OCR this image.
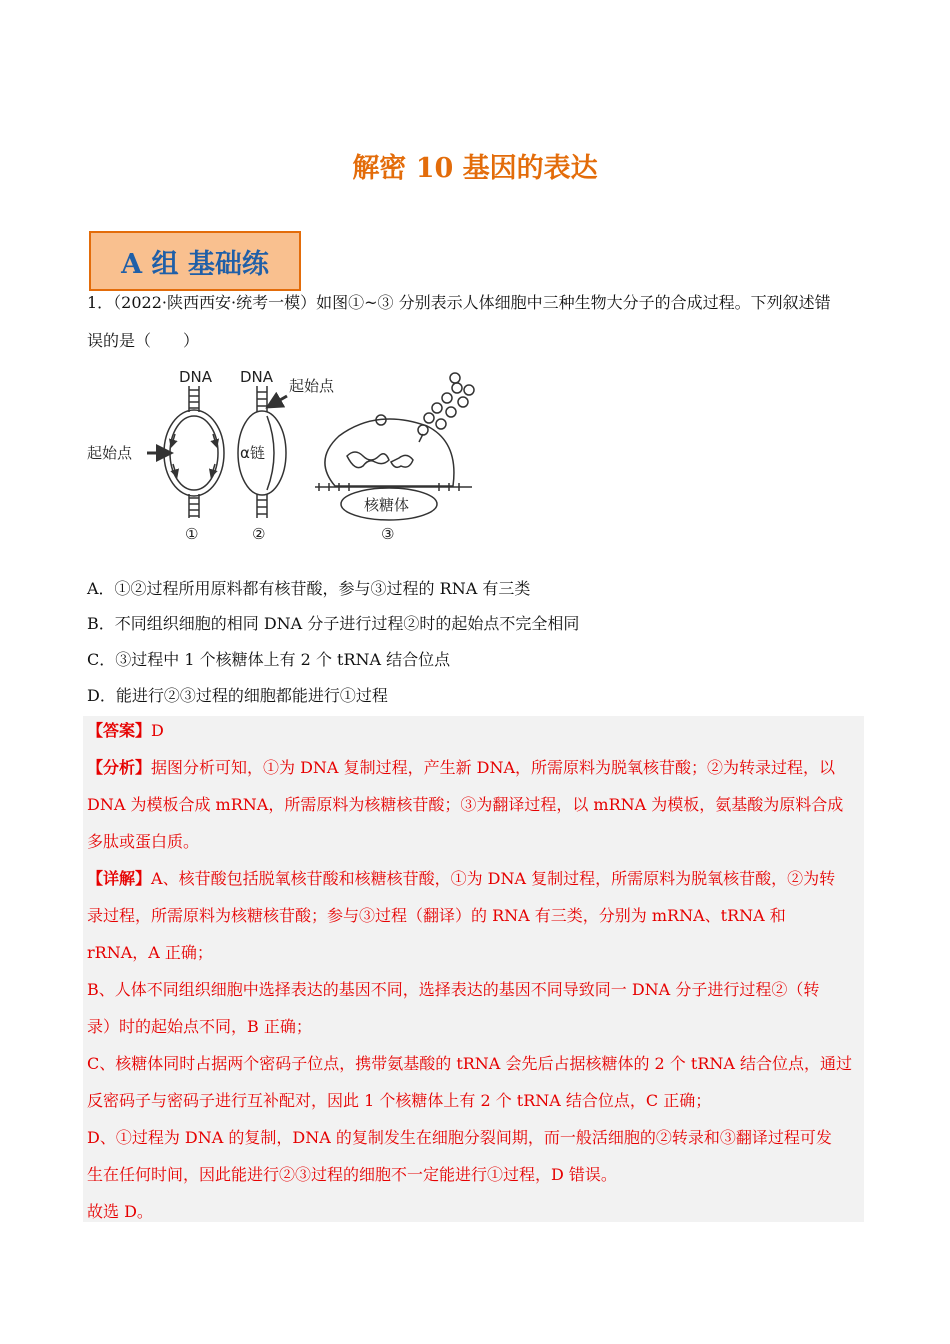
解密 10 基因的表达
A 组 基础练
1．（2022·陕西西安·统考一模）如图①~③ 分别表示人体细胞中三种生物大分子的合成过程。下列叙述错
误的是（　　）
DNA DNA
起始点
起始点
α链
核糖体
①	②	③
A．①②过程所用原料都有核苷酸，参与③过程的 RNA 有三类
B．不同组织细胞的相同 DNA 分子进行过程②时的起始点不完全相同
C．③过程中 1 个核糖体上有 2 个 tRNA 结合位点
D．能进行②③过程的细胞都能进行①过程
【答案】D
【分析】据图分析可知，①为 DNA 复制过程，产生新 DNA，所需原料为脱氧核苷酸；②为转录过程，以
DNA 为模板合成 mRNA，所需原料为核糖核苷酸；③为翻译过程，以 mRNA 为模板，氨基酸为原料合成
多肽或蛋白质。
【详解】A、核苷酸包括脱氧核苷酸和核糖核苷酸，①为 DNA 复制过程，所需原料为脱氧核苷酸，②为转
录过程，所需原料为核糖核苷酸；参与③过程（翻译）的 RNA 有三类，分别为 mRNA、tRNA 和
rRNA，A 正确；
B、人体不同组织细胞中选择表达的基因不同，选择表达的基因不同导致同一 DNA 分子进行过程②（转
录）时的起始点不同，B 正确；
C、核糖体同时占据两个密码子位点，携带氨基酸的 tRNA 会先后占据核糖体的 2 个 tRNA 结合位点，通过
反密码子与密码子进行互补配对，因此 1 个核糖体上有 2 个 tRNA 结合位点，C 正确；
D、①过程为 DNA 的复制，DNA 的复制发生在细胞分裂间期，而一般活细胞的②转录和③翻译过程可发
生在任何时间，因此能进行②③过程的细胞不一定能进行①过程，D 错误。
故选 D。
